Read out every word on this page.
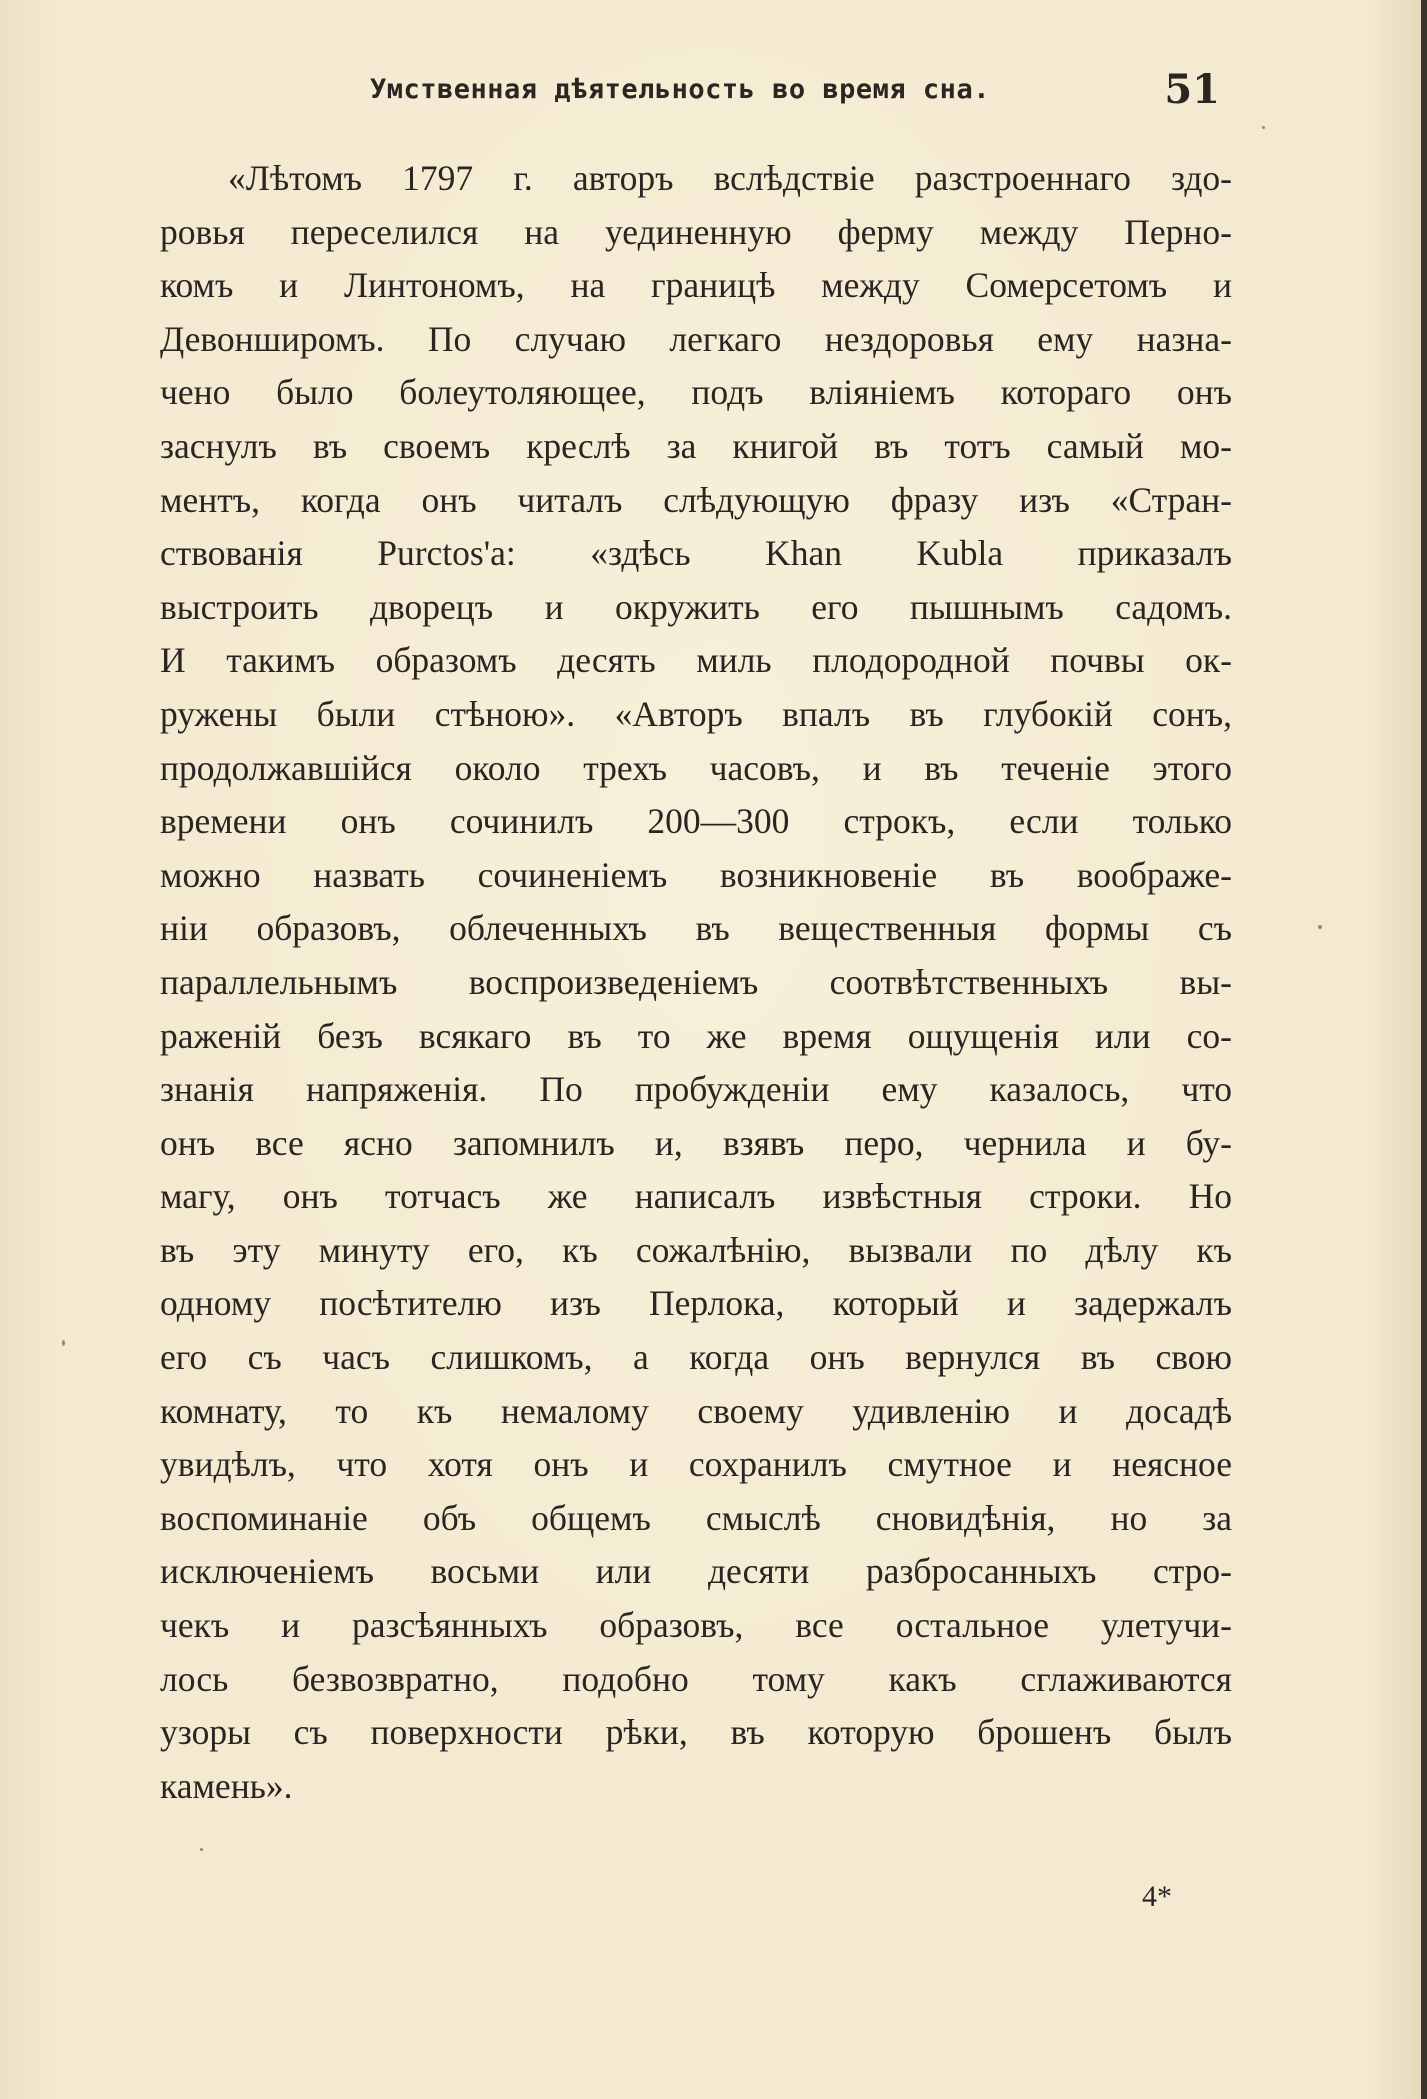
Умственная дѣятельность во время сна.	51
«Лѣтомъ 1797 г. авторъ вслѣдствіе разстроеннаго здо-
ровья переселился на уединенную ферму между Перно-
комъ и Линтономъ, на границѣ между Сомерсетомъ и
Девонширомъ. По случаю легкаго нездоровья ему назна-
чено было болеутоляющее, подъ вліяніемъ котораго онъ
заснулъ въ своемъ креслѣ за книгой въ тотъ самый мо-
ментъ, когда онъ читалъ слѣдующую фразу изъ «Стран-
ствованія Purctos'а: «здѣсь Khan Kubla приказалъ
выстроить дворецъ и окружить его пышнымъ садомъ.
И такимъ образомъ десять миль плодородной почвы ок-
ружены были стѣною». «Авторъ впалъ въ глубокій сонъ,
продолжавшійся около трехъ часовъ, и въ теченіе этого
времени онъ сочинилъ 200—300 строкъ, если только
можно назвать сочиненіемъ возникновеніе въ воображе-
ніи образовъ, облеченныхъ въ вещественныя формы съ
параллельнымъ воспроизведеніемъ соотвѣтственныхъ вы-
раженій безъ всякаго въ то же время ощущенія или со-
знанія напряженія. По пробужденіи ему казалось, что
онъ все ясно запомнилъ и, взявъ перо, чернила и бу-
магу, онъ тотчасъ же написалъ извѣстныя строки. Но
въ эту минуту его, къ сожалѣнію, вызвали по дѣлу къ
одному посѣтителю изъ Перлока, который и задержалъ
его съ часъ слишкомъ, а когда онъ вернулся въ свою
комнату, то къ немалому своему удивленію и досадѣ
увидѣлъ, что хотя онъ и сохранилъ смутное и неясное
воспоминаніе объ общемъ смыслѣ сновидѣнія, но за
исключеніемъ восьми или десяти разбросанныхъ стро-
чекъ и разсѣянныхъ образовъ, все остальное улетучи-
лось безвозвратно, подобно тому какъ сглаживаются
узоры съ поверхности рѣки, въ которую брошенъ былъ
камень».
4*
